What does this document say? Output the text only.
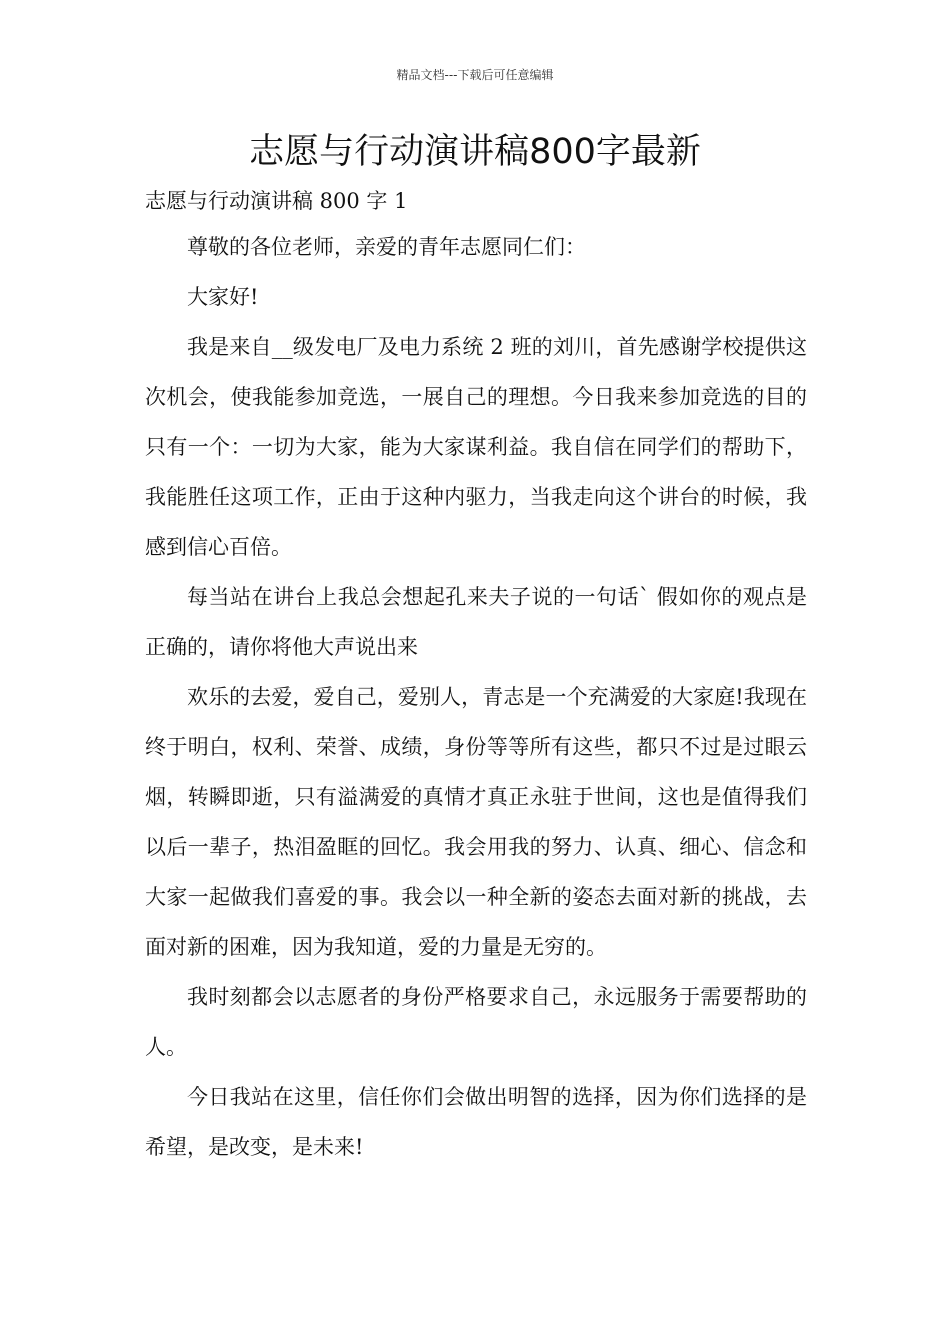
精品文档---下载后可任意编辑
志愿与行动演讲稿800字最新

志愿与行动演讲稿 800 字 1

尊敬的各位老师，亲爱的青年志愿同仁们：

大家好!

我是来自__级发电厂及电力系统 2 班的刘川，首先感谢学校提供这次机会，使我能参加竞选，一展自己的理想。今日我来参加竞选的目的只有一个：一切为大家，能为大家谋利益。我自信在同学们的帮助下，我能胜任这项工作，正由于这种内驱力，当我走向这个讲台的时候，我感到信心百倍。

每当站在讲台上我总会想起孔来夫子说的一句话` 假如你的观点是正确的，请你将他大声说出来

欢乐的去爱，爱自己，爱别人，青志是一个充满爱的大家庭!我现在终于明白，权利、荣誉、成绩，身份等等所有这些，都只不过是过眼云烟，转瞬即逝，只有溢满爱的真情才真正永驻于世间，这也是值得我们以后一辈子，热泪盈眶的回忆。我会用我的努力、认真、细心、信念和大家一起做我们喜爱的事。我会以一种全新的姿态去面对新的挑战，去面对新的困难，因为我知道，爱的力量是无穷的。

我时刻都会以志愿者的身份严格要求自己，永远服务于需要帮助的人。

今日我站在这里，信任你们会做出明智的选择，因为你们选择的是希望，是改变，是未来!
